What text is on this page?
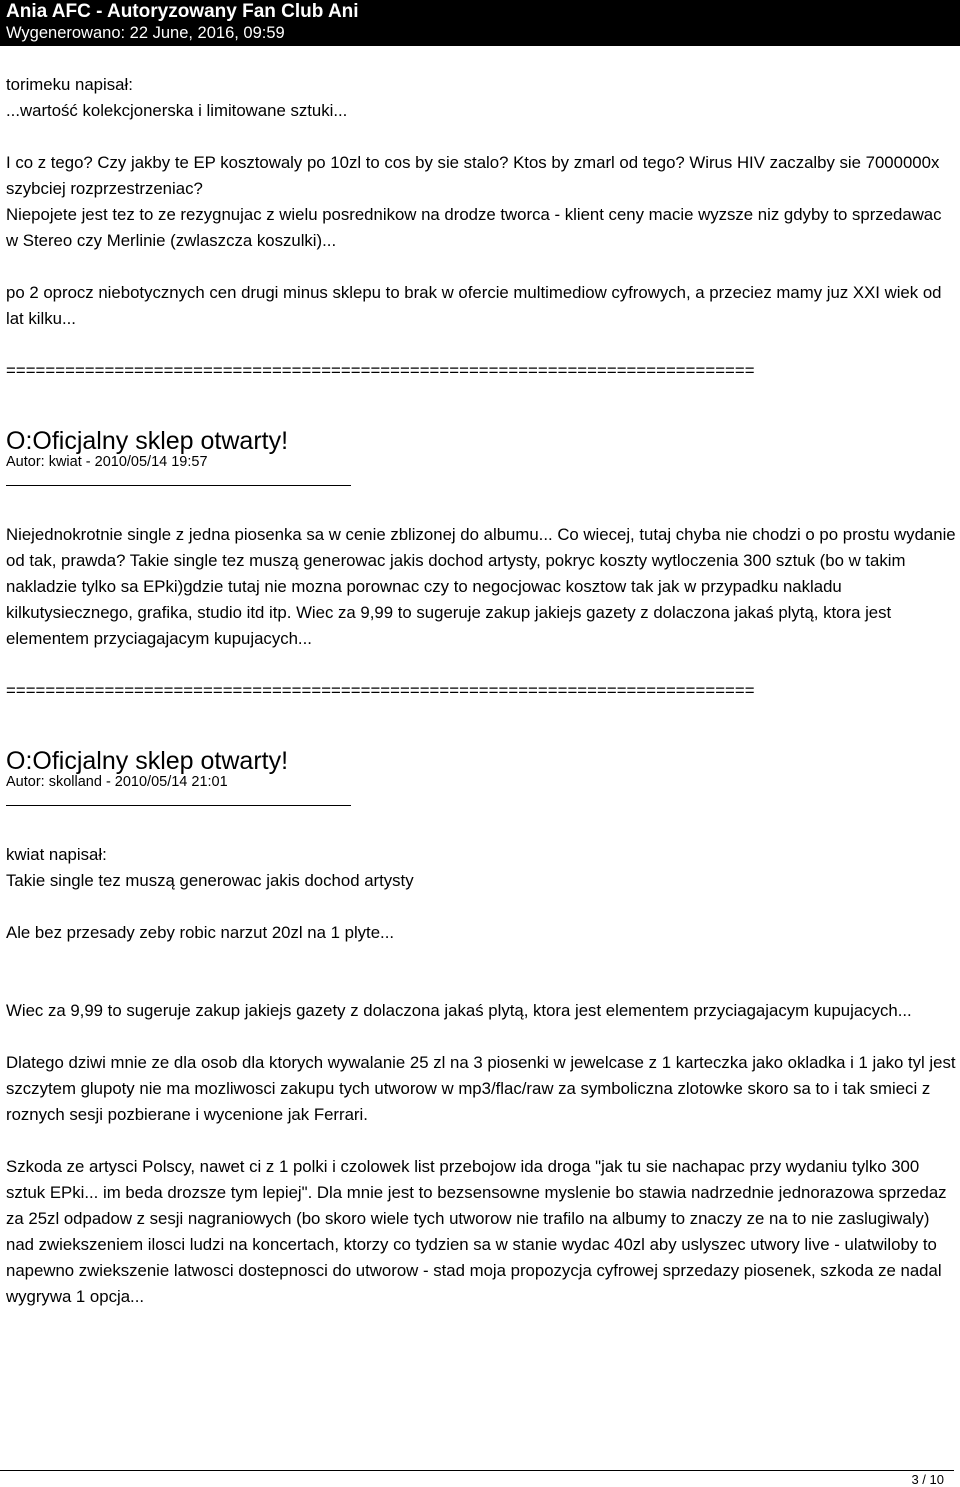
Ania AFC - Autoryzowany Fan Club Ani
Wygenerowano: 22 June, 2016, 09:59

torimeku napisał:

...wartość kolekcjonerska i limitowane sztuki...

I co z tego? Czy jakby te EP kosztowaly po 10zl to cos by sie stalo? Ktos by zmarl od tego? Wirus HIV zaczalby sie 7000000x szybciej rozprzestrzeniac?

Niepojete jest tez to ze rezygnujac z wielu posrednikow na drodze tworca - klient ceny macie wyzsze niz gdyby to sprzedawac w Stereo czy Merlinie (zwlaszcza koszulki)...

po 2 oprocz niebotycznych cen drugi minus sklepu to brak w ofercie multimediow cyfrowych, a przeciez mamy juz XXI wiek od lat kilku...

============================================================================

O:Oficjalny sklep otwarty!

Autor: kwiat - 2010/05/14 19:57

Niejednokrotnie single z jedna piosenka sa w cenie zblizonej do albumu... Co wiecej, tutaj chyba nie chodzi o po prostu wydanie od tak, prawda? Takie single tez muszą generowac jakis dochod artysty, pokryc koszty wytloczenia 300 sztuk (bo w takim nakladzie tylko sa EPki)gdzie tutaj nie mozna porownac czy to negocjowac kosztow tak jak w przypadku nakladu kilkutysiecznego, grafika, studio itd itp. Wiec za 9,99 to sugeruje zakup jakiejs gazety z dolaczona jakaś plytą, ktora jest elementem przyciagajacym kupujacych...

============================================================================

O:Oficjalny sklep otwarty!

Autor: skolland - 2010/05/14 21:01

kwiat napisał:

Takie single tez muszą generowac jakis dochod artysty

Ale bez przesady zeby robic narzut 20zl na 1 plyte...

Wiec za 9,99 to sugeruje zakup jakiejs gazety z dolaczona jakaś plytą, ktora jest elementem przyciagajacym kupujacych...

Dlatego dziwi mnie ze dla osob dla ktorych wywalanie 25 zl na 3 piosenki w jewelcase z 1 karteczka jako okladka i 1 jako tyl jest szczytem glupoty nie ma mozliwosci zakupu tych utworow w mp3/flac/raw za symboliczna zlotowke skoro sa to i tak smieci z roznych sesji pozbierane i wycenione jak Ferrari.

Szkoda ze artysci Polscy, nawet ci z 1 polki i czolowek list przebojow ida droga "jak tu sie nachapac przy wydaniu tylko 300 sztuk EPki... im beda drozsze tym lepiej". Dla mnie jest to bezsensowne myslenie bo stawia nadrzednie jednorazowa sprzedaz za 25zl odpadow z sesji nagraniowych (bo skoro wiele tych utworow nie trafilo na albumy to znaczy ze na to nie zaslugiwaly) nad zwiekszeniem ilosci ludzi na koncertach, ktorzy co tydzien sa w stanie wydac 40zl aby uslyszec utwory live - ulatwiloby to napewno zwiekszenie latwosci dostepnosci do utworow - stad moja propozycja cyfrowej sprzedazy piosenek, szkoda ze nadal wygrywa 1 opcja...

3 / 10
